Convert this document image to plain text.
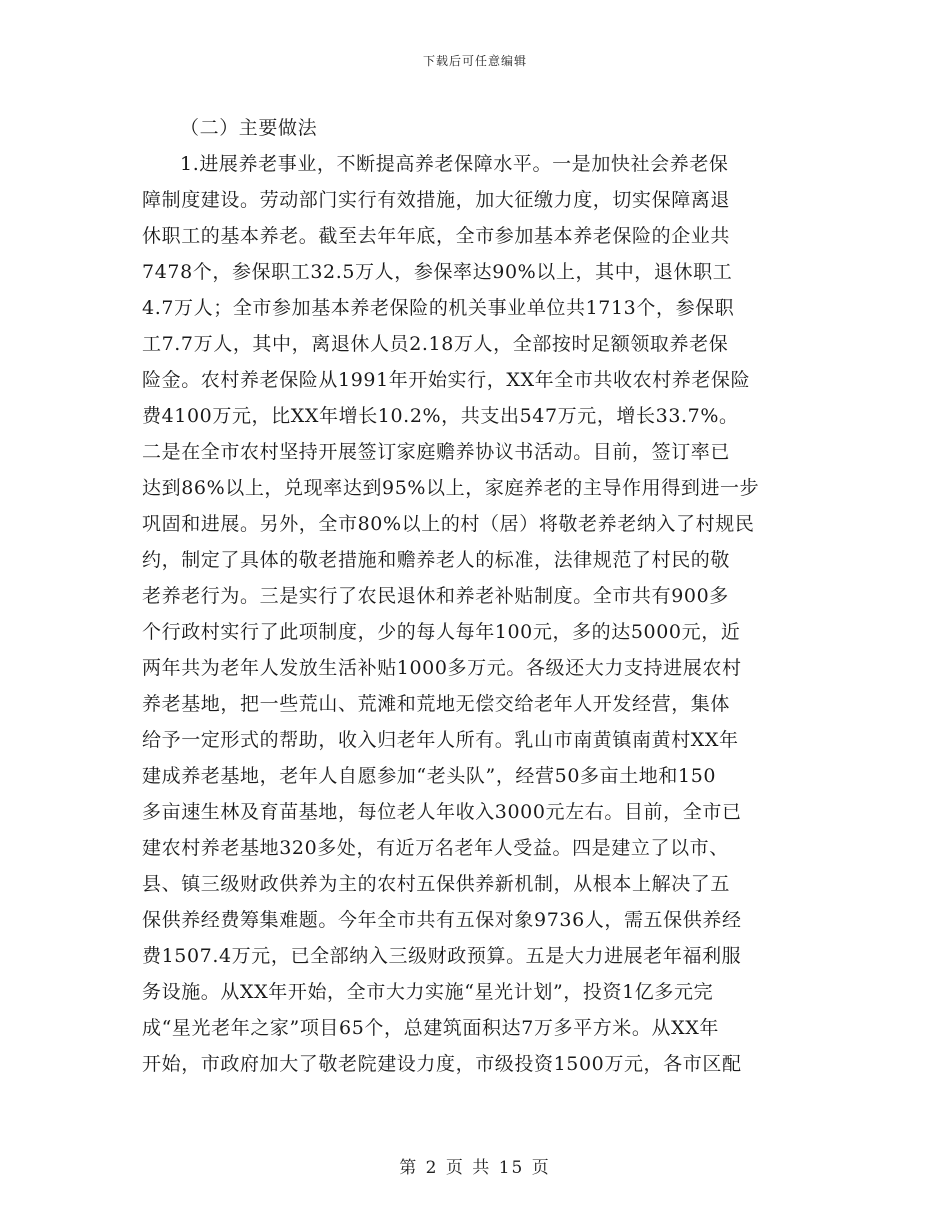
下载后可任意编辑
（二）主要做法
1.进展养老事业，不断提高养老保障水平。一是加快社会养老保
障制度建设。劳动部门实行有效措施，加大征缴力度，切实保障离退
休职工的基本养老。截至去年年底，全市参加基本养老保险的企业共
7478个，参保职工32.5万人，参保率达90%以上，其中，退休职工
4.7万人；全市参加基本养老保险的机关事业单位共1713个，参保职
工7.7万人，其中，离退休人员2.18万人，全部按时足额领取养老保
险金。农村养老保险从1991年开始实行，XX年全市共收农村养老保险
费4100万元，比XX年增长10.2%，共支出547万元，增长33.7%。
二是在全市农村坚持开展签订家庭赡养协议书活动。目前，签订率已
达到86%以上，兑现率达到95%以上，家庭养老的主导作用得到进一步
巩固和进展。另外，全市80%以上的村（居）将敬老养老纳入了村规民
约，制定了具体的敬老措施和赡养老人的标准，法律规范了村民的敬
老养老行为。三是实行了农民退休和养老补贴制度。全市共有900多
个行政村实行了此项制度，少的每人每年100元，多的达5000元，近
两年共为老年人发放生活补贴1000多万元。各级还大力支持进展农村
养老基地，把一些荒山、荒滩和荒地无偿交给老年人开发经营，集体
给予一定形式的帮助，收入归老年人所有。乳山市南黄镇南黄村XX年
建成养老基地，老年人自愿参加“老头队”，经营50多亩土地和150
多亩速生林及育苗基地，每位老人年收入3000元左右。目前，全市已
建农村养老基地320多处，有近万名老年人受益。四是建立了以市、
县、镇三级财政供养为主的农村五保供养新机制，从根本上解决了五
保供养经费筹集难题。今年全市共有五保对象9736人，需五保供养经
费1507.4万元，已全部纳入三级财政预算。五是大力进展老年福利服
务设施。从XX年开始，全市大力实施“星光计划”，投资1亿多元完
成“星光老年之家”项目65个，总建筑面积达7万多平方米。从XX年
开始，市政府加大了敬老院建设力度，市级投资1500万元，各市区配
第 2 页 共 15 页
